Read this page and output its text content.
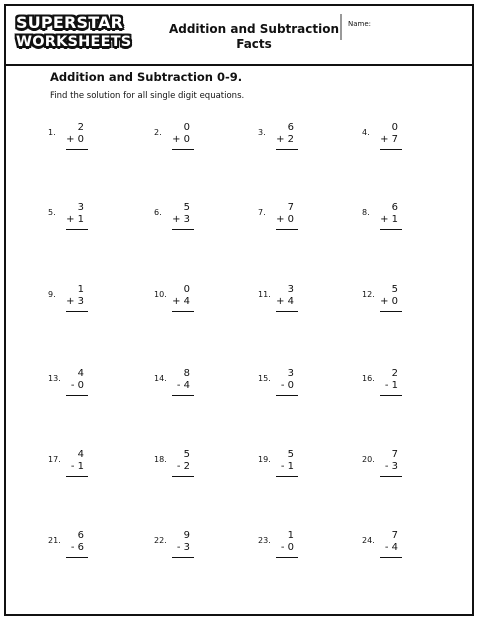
SUPERSTAR
WORKSHEETS
Addition and Subtraction
Facts
Name:
Addition and Subtraction 0-9.
Find the solution for all single digit equations.
1. 2
+ 0
2. 0
+ 0
3. 6
+ 2
4. 0
+ 7
5. 3
+ 1
6. 5
+ 3
7. 7
+ 0
8. 6
+ 1
9. 1
+ 3
10. 0
+ 4
11. 3
+ 4
12. 5
+ 0
13. 4
- 0
14. 8
- 4
15. 3
- 0
16. 2
- 1
17. 4
- 1
18. 5
- 2
19. 5
- 1
20. 7
- 3
21. 6
- 6
22. 9
- 3
23. 1
- 0
24. 7
- 4
